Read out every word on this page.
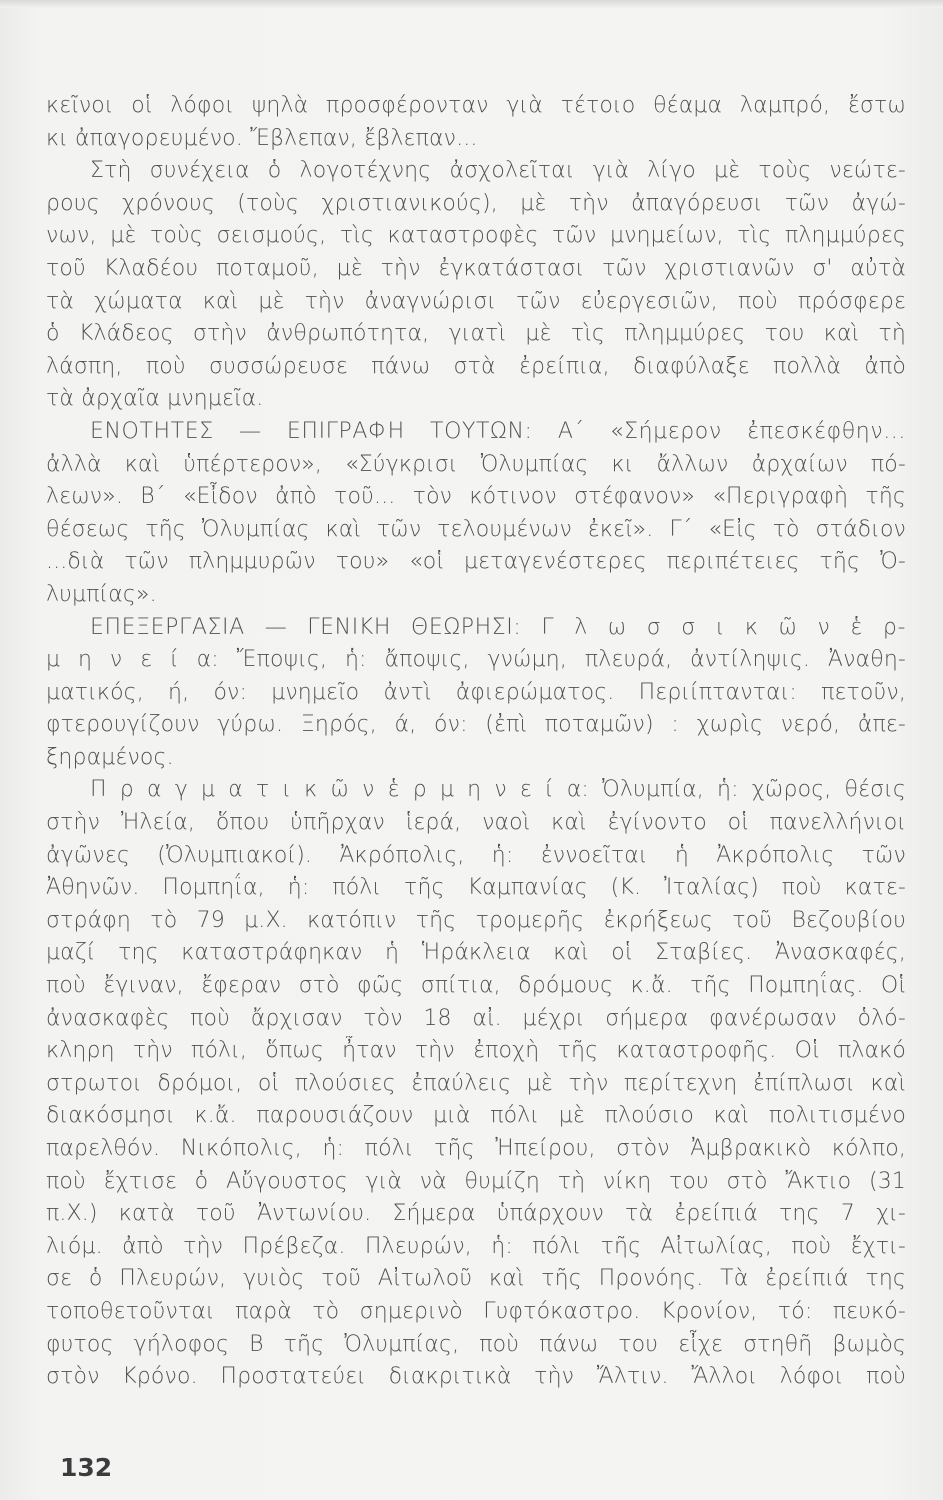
κεῖνοι οἱ λόφοι ψηλὰ προσφέρονταν γιὰ τέτοιο θέαμα λαμπρό, ἔστω
κι ἀπαγορευμένο. Ἔβλεπαν, ἔβλεπαν...
Στὴ συνέχεια ὁ λογοτέχνης ἀσχολεῖται γιὰ λίγο μὲ τοὺς νεώτε-
ρους χρόνους (τοὺς χριστιανικούς), μὲ τὴν ἀπαγόρευσι τῶν ἀγώ-
νων, μὲ τοὺς σεισμούς, τὶς καταστροφὲς τῶν μνημείων, τὶς πλημμύρες
τοῦ Κλαδέου ποταμοῦ, μὲ τὴν ἐγκατάστασι τῶν χριστιανῶν σ' αὐτὰ
τὰ χώματα καὶ μὲ τὴν ἀναγνώρισι τῶν εὐεργεσιῶν, ποὺ πρόσφερε
ὁ Κλάδεος στὴν ἀνθρωπότητα, γιατὶ μὲ τὶς πλημμύρες του καὶ τὴ
λάσπη, ποὺ συσσώρευσε πάνω στὰ ἐρείπια, διαφύλαξε πολλὰ ἀπὸ
τὰ ἀρχαῖα μνημεῖα.
ΕΝΟΤΗΤΕΣ — ΕΠΙΓΡΑΦΗ ΤΟΥΤΩΝ: Α΄ «Σήμερον ἐπεσκέφθην...
ἀλλὰ καὶ ὑπέρτερον», «Σύγκρισι Ὀλυμπίας κι ἄλλων ἀρχαίων πό-
λεων». Β΄ «Εἶδον ἀπὸ τοῦ... τὸν κότινον στέφανον» «Περιγραφὴ τῆς
θέσεως τῆς Ὀλυμπίας καὶ τῶν τελουμένων ἐκεῖ». Γ΄ «Εἰς τὸ στάδιον
...διὰ τῶν πλημμυρῶν του» «οἱ μεταγενέστερες περιπέτειες τῆς Ὀ-
λυμπίας».
ΕΠΕΞΕΡΓΑΣΙΑ — ΓΕΝΙΚΗ ΘΕΩΡΗΣΙ: Γ λ ω σ σ ι κ ῶ ν ἑ ρ-
μ η ν ε ί α: Ἔποψις, ἡ: ἄποψις, γνώμη, πλευρά, ἀντίληψις. Ἀναθη-
ματικός, ή, όν: μνημεῖο ἀντὶ ἀφιερώματος. Περιίπτανται: πετοῦν,
φτερουγίζουν γύρω. Ξηρός, ά, όν: (ἐπὶ ποταμῶν) : χωρὶς νερό, ἀπε-
ξηραμένος.
Π ρ α γ μ α τ ι κ ῶ ν ἑ ρ μ η ν ε ί α: Ὀλυμπία, ἡ: χῶρος, θέσις
στὴν Ἠλεία, ὅπου ὑπῆρχαν ἱερά, ναοὶ καὶ ἐγίνοντο οἱ πανελλήνιοι
ἀγῶνες (Ὀλυμπιακοί). Ἀκρόπολις, ἡ: ἐννοεῖται ἡ Ἀκρόπολις τῶν
Ἀθηνῶν. Πομπηΐα, ἡ: πόλι τῆς Καμπανίας (Κ. Ἰταλίας) ποὺ κατε-
στράφη τὸ 79 μ.Χ. κατόπιν τῆς τρομερῆς ἐκρήξεως τοῦ Βεζουβίου
μαζί της καταστράφηκαν ἡ Ἡράκλεια καὶ οἱ Σταβίες. Ἀνασκαφές,
ποὺ ἔγιναν, ἔφεραν στὸ φῶς σπίτια, δρόμους κ.ἄ. τῆς Πομπηΐας. Οἱ
ἀνασκαφὲς ποὺ ἄρχισαν τὸν 18 αἰ. μέχρι σήμερα φανέρωσαν ὁλό-
κληρη τὴν πόλι, ὅπως ἦταν τὴν ἐποχὴ τῆς καταστροφῆς. Οἱ πλακό
στρωτοι δρόμοι, οἱ πλούσιες ἐπαύλεις μὲ τὴν περίτεχνη ἐπίπλωσι καὶ
διακόσμησι κ.ἄ. παρουσιάζουν μιὰ πόλι μὲ πλούσιο καὶ πολιτισμένο
παρελθόν. Νικόπολις, ἡ: πόλι τῆς Ἠπείρου, στὸν Ἀμβρακικὸ κόλπο,
ποὺ ἔχτισε ὁ Αὔγουστος γιὰ νὰ θυμίζη τὴ νίκη του στὸ Ἄκτιο (31
π.Χ.) κατὰ τοῦ Ἀντωνίου. Σήμερα ὑπάρχουν τὰ ἐρείπιά της 7 χι-
λιόμ. ἀπὸ τὴν Πρέβεζα. Πλευρών, ἡ: πόλι τῆς Αἰτωλίας, ποὺ ἔχτι-
σε ὁ Πλευρών, γυιὸς τοῦ Αἰτωλοῦ καὶ τῆς Προνόης. Τὰ ἐρείπιά της
τοποθετοῦνται παρὰ τὸ σημερινὸ Γυφτόκαστρο. Κρονίον, τό: πευκό-
φυτος γήλοφος Β τῆς Ὀλυμπίας, ποὺ πάνω του εἶχε στηθῆ βωμὸς
στὸν Κρόνο. Προστατεύει διακριτικὰ τὴν Ἄλτιν. Ἄλλοι λόφοι ποὺ
132
